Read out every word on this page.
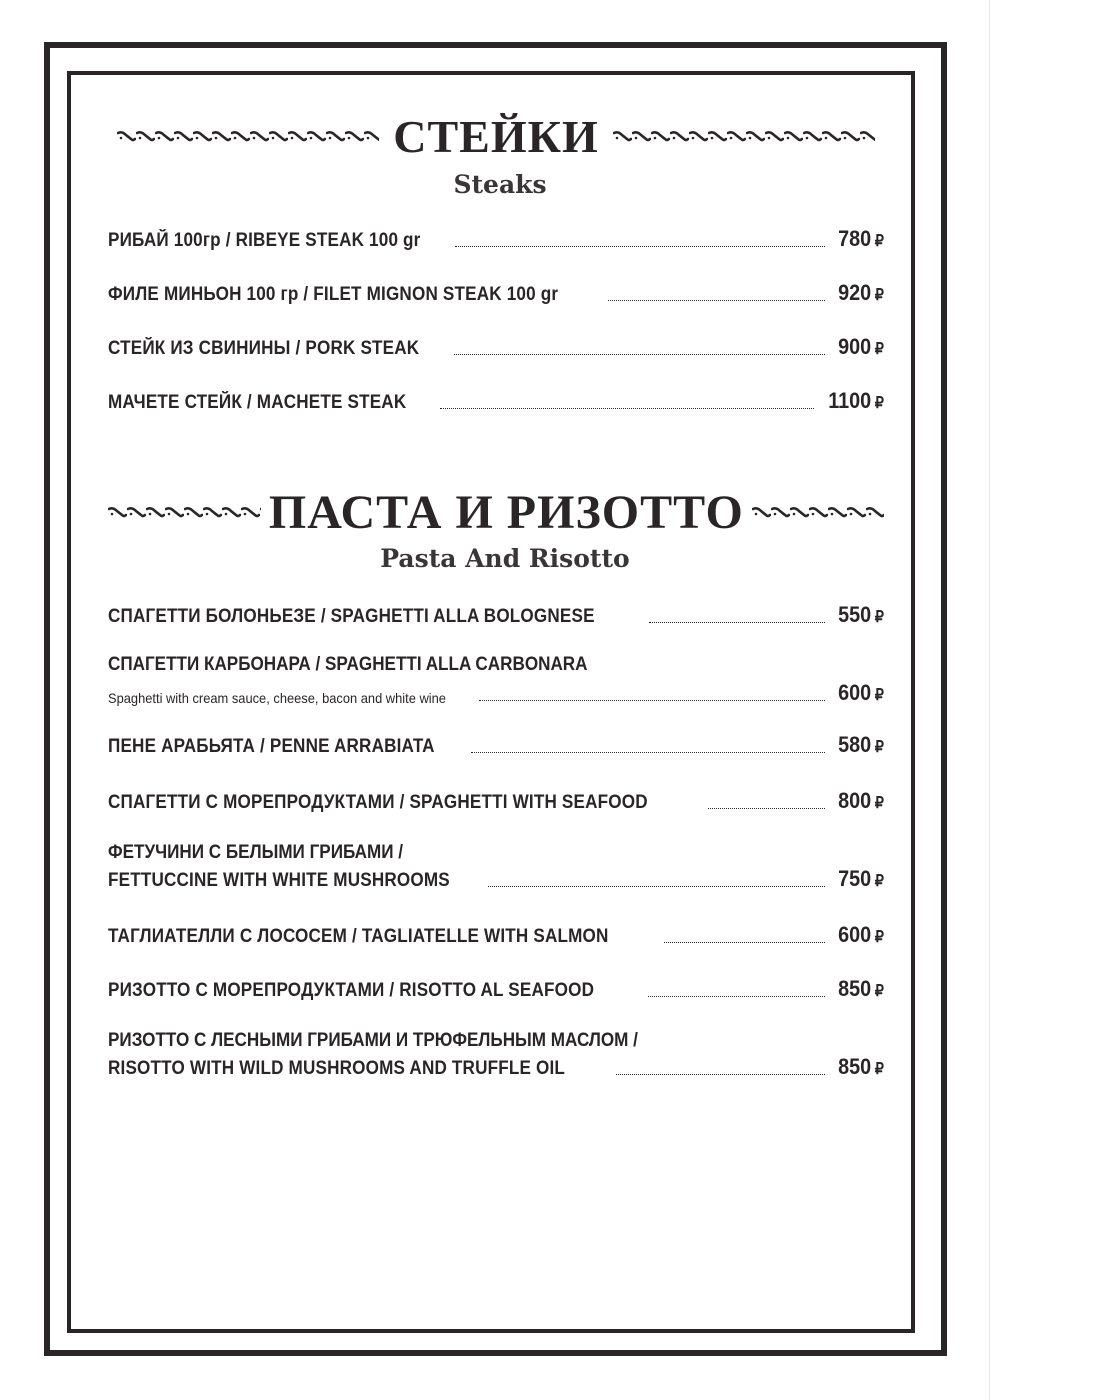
СТЕЙКИ
Steaks
РИБАЙ 100гр / RIBEYE STEAK 100 gr	780 ₽
ФИЛЕ МИНЬОН 100 гр / FILET MIGNON STEAK 100 gr	920 ₽
СТЕЙК ИЗ СВИНИНЫ / PORK STEAK	900 ₽
МАЧЕТЕ СТЕЙК / MACHETE STEAK	1100 ₽
ПАСТА И РИЗОТТО
Pasta And Risotto
СПАГЕТТИ БОЛОНЬЕЗЕ / SPAGHETTI ALLA BOLOGNESE	550 ₽
СПАГЕТТИ КАРБОНАРА / SPAGHETTI ALLA CARBONARA
Spaghetti with cream sauce, cheese, bacon and white wine	600 ₽
ПЕНЕ АРАБЬЯТА / PENNE ARRABIATA	580 ₽
СПАГЕТТИ С МОРЕПРОДУКТАМИ / SPAGHETTI WITH SEAFOOD	800 ₽
ФЕТУЧИНИ С БЕЛЫМИ ГРИБАМИ /
FETTUCCINE WITH WHITE MUSHROOMS	750 ₽
ТАГЛИАТЕЛЛИ С ЛОСОСЕМ / TAGLIATELLE WITH SALMON	600 ₽
РИЗОТТО С МОРЕПРОДУКТАМИ / RISOTTO AL SEAFOOD	850 ₽
РИЗОТТО С ЛЕСНЫМИ ГРИБАМИ И ТРЮФЕЛЬНЫМ МАСЛОМ /
RISOTTO WITH WILD MUSHROOMS AND TRUFFLE OIL	850 ₽
